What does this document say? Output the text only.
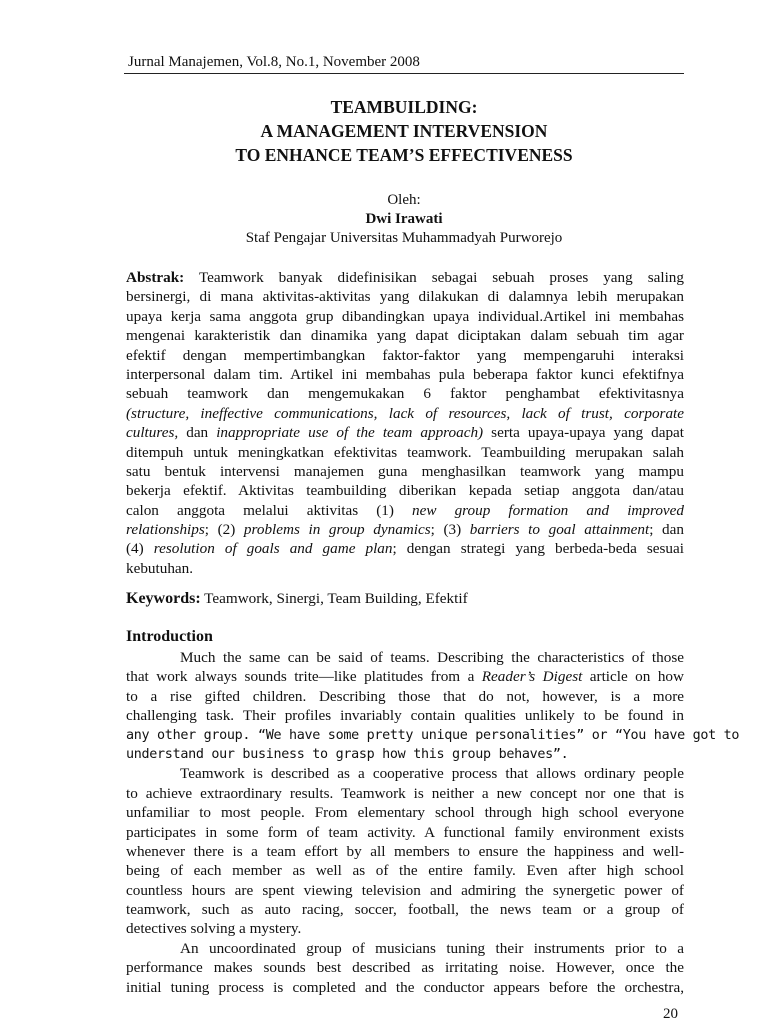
Jurnal Manajemen, Vol.8, No.1, November 2008
TEAMBUILDING:
A MANAGEMENT INTERVENSION
TO ENHANCE TEAM’S EFFECTIVENESS
Oleh:
Dwi Irawati
Staf Pengajar Universitas Muhammadyah Purworejo
Abstrak: Teamwork banyak didefinisikan sebagai sebuah proses yang saling
bersinergi, di mana aktivitas-aktivitas yang dilakukan di dalamnya lebih merupakan
upaya kerja sama anggota grup dibandingkan upaya individual.Artikel ini membahas
mengenai karakteristik dan dinamika yang dapat diciptakan dalam sebuah tim agar
efektif dengan mempertimbangkan faktor-faktor yang mempengaruhi interaksi
interpersonal dalam tim. Artikel ini membahas pula beberapa faktor kunci efektifnya
sebuah teamwork dan mengemukakan 6 faktor penghambat efektivitasnya
(structure, ineffective communications, lack of resources, lack of trust, corporate
cultures, dan inappropriate use of the team approach) serta upaya-upaya yang dapat
ditempuh untuk meningkatkan efektivitas teamwork. Teambuilding merupakan salah
satu bentuk intervensi manajemen guna menghasilkan teamwork yang mampu
bekerja efektif. Aktivitas teambuilding diberikan kepada setiap anggota dan/atau
calon anggota melalui aktivitas (1) new group formation and improved
relationships; (2) problems in group dynamics; (3) barriers to goal attainment; dan
(4) resolution of goals and game plan; dengan strategi yang berbeda-beda sesuai
kebutuhan.
Keywords: Teamwork, Sinergi, Team Building, Efektif
Introduction
Much the same can be said of teams. Describing the characteristics of those
that work always sounds trite—like platitudes from a Reader’s Digest article on how
to a rise gifted children. Describing those that do not, however, is a more
challenging task. Their profiles invariably contain qualities unlikely to be found in
any other group. “We have some pretty unique personalities” or “You have got to
understand our business to grasp how this group behaves”.
Teamwork is described as a cooperative process that allows ordinary people
to achieve extraordinary results. Teamwork is neither a new concept nor one that is
unfamiliar to most people. From elementary school through high school everyone
participates in some form of team activity. A functional family environment exists
whenever there is a team effort by all members to ensure the happiness and well-
being of each member as well as of the entire family. Even after high school
countless hours are spent viewing television and admiring the synergetic power of
teamwork, such as auto racing, soccer, football, the news team or a group of
detectives solving a mystery.
An uncoordinated group of musicians tuning their instruments prior to a
performance makes sounds best described as irritating noise. However, once the
initial tuning process is completed and the conductor appears before the orchestra,
20
